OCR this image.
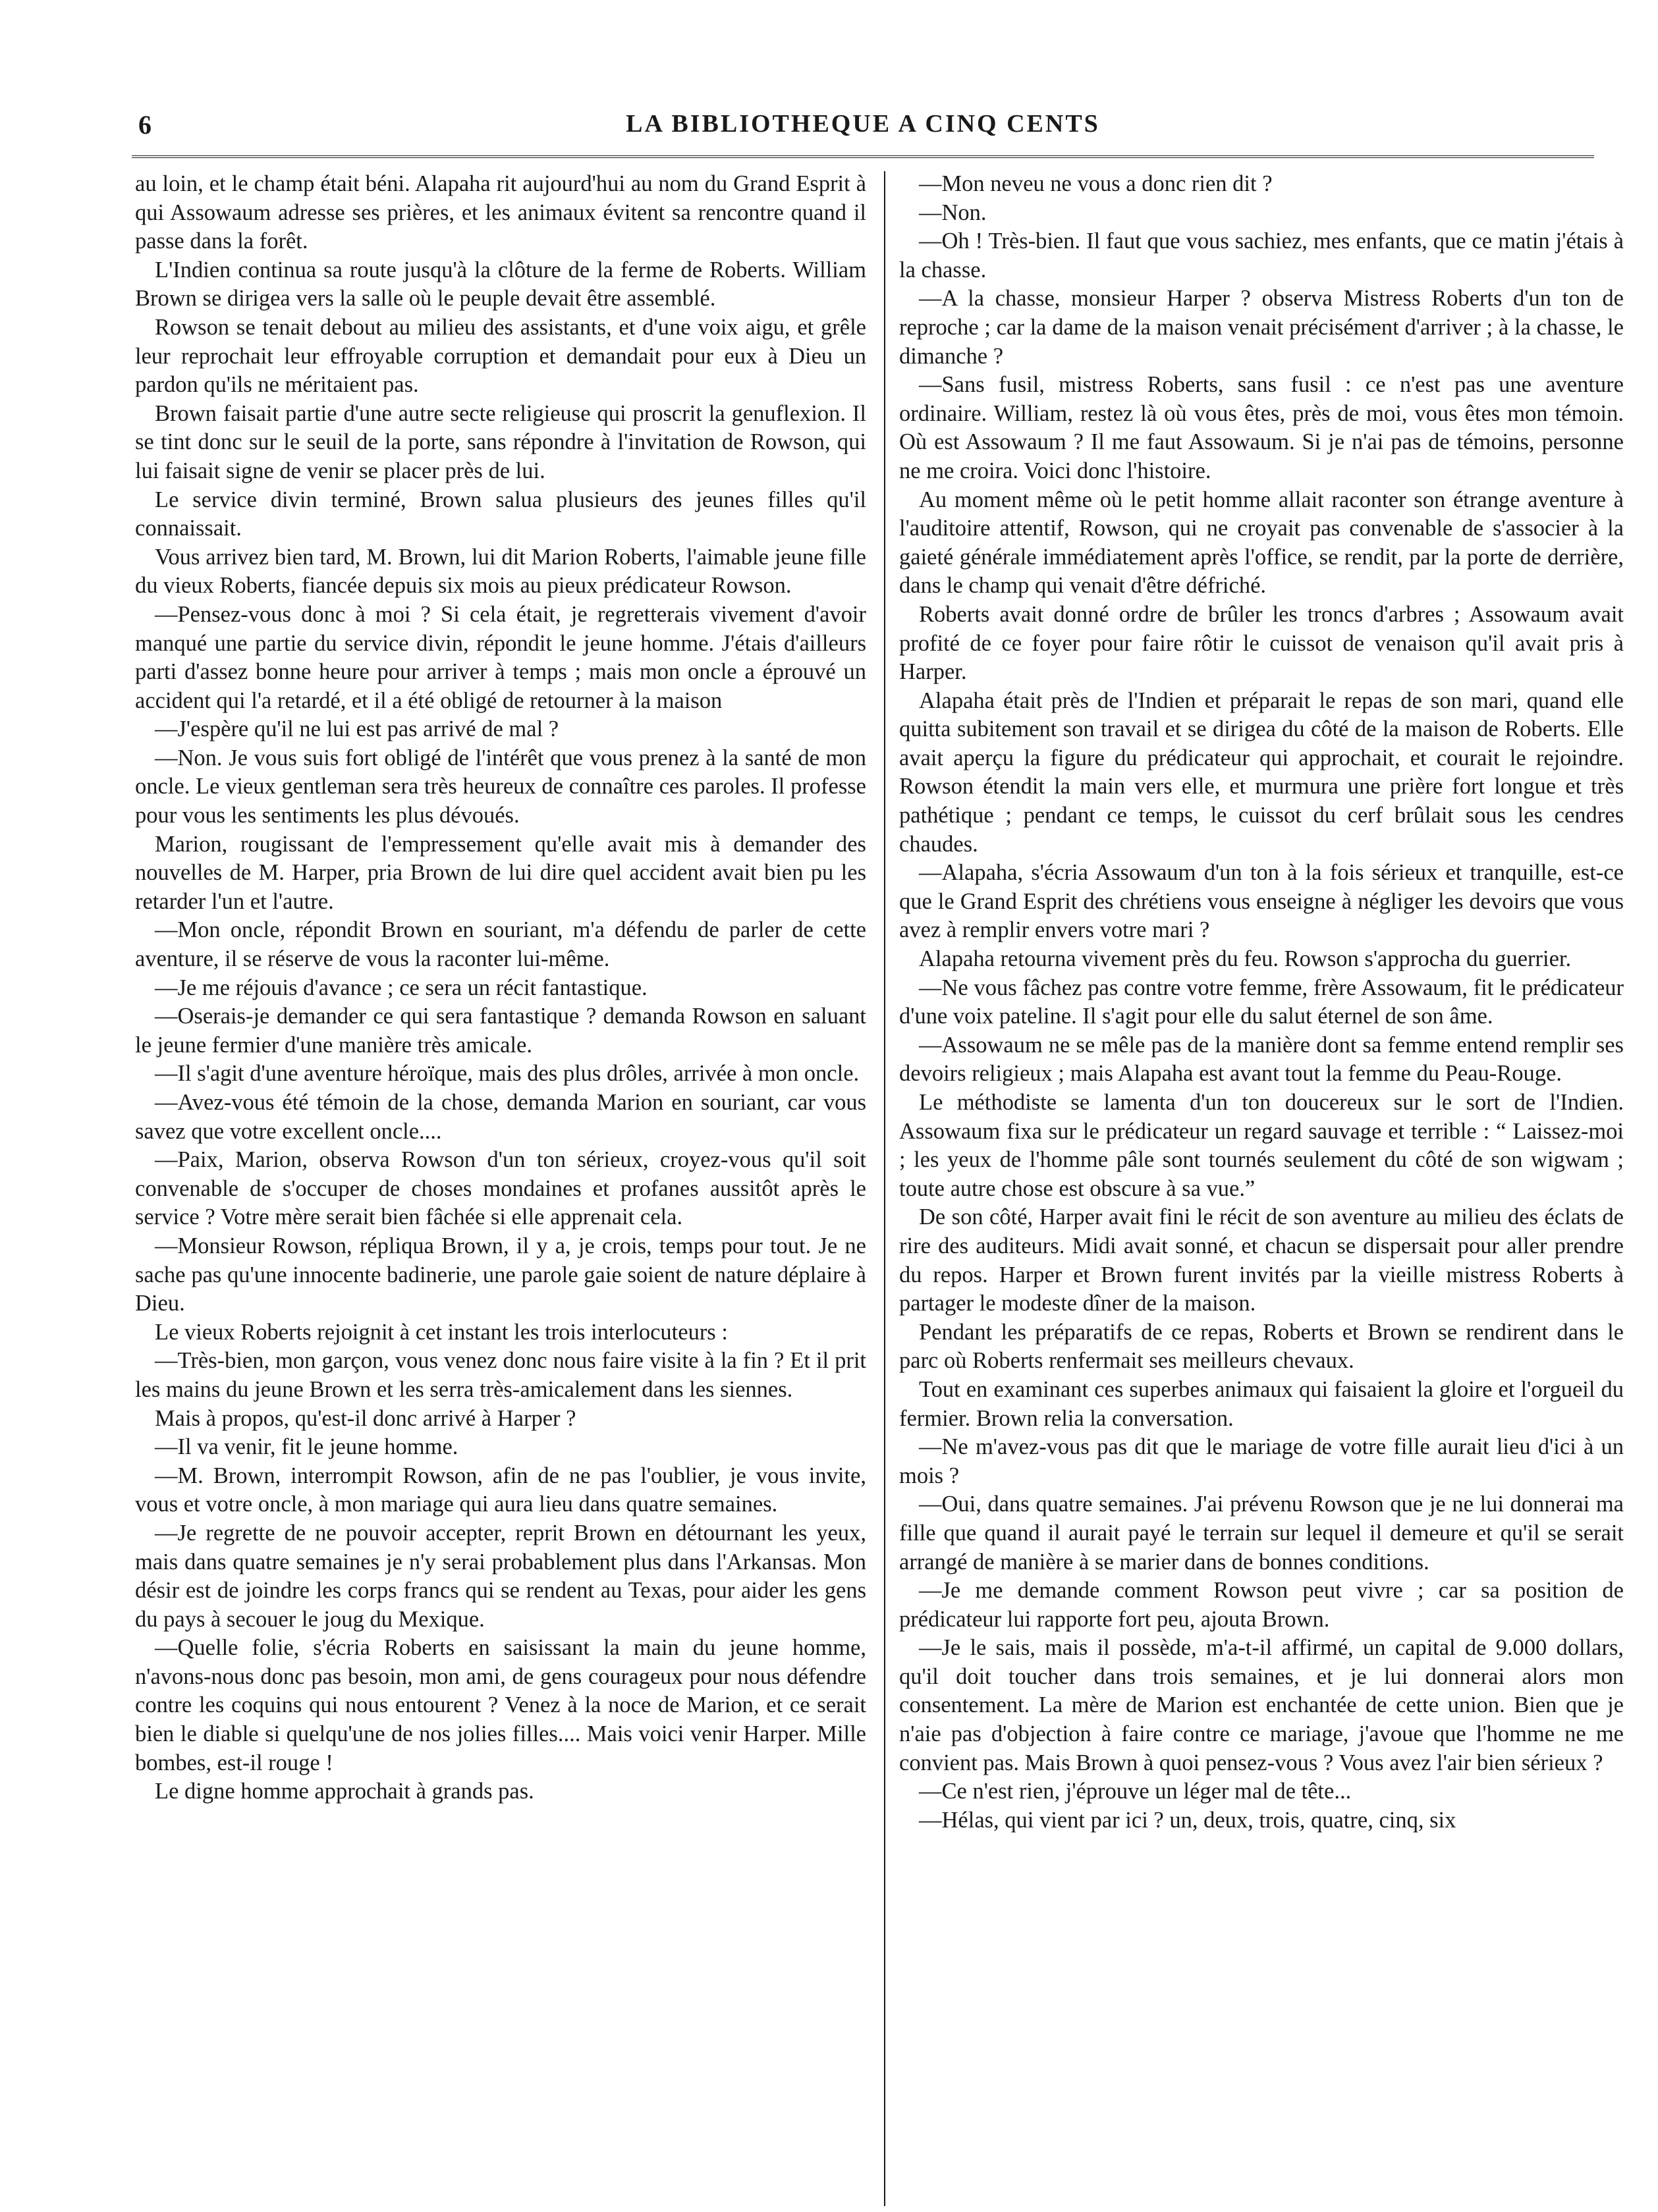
6	LA BIBLIOTHEQUE A CINQ CENTS

au loin, et le champ était béni. Alapaha rit aujourd'hui au nom du Grand Esprit à qui Assowaum adresse ses prières, et les animaux évitent sa rencontre quand il passe dans la forêt.

L'Indien continua sa route jusqu'à la clôture de la ferme de Roberts. William Brown se dirigea vers la salle où le peuple devait être assemblé.

Rowson se tenait debout au milieu des assistants, et d'une voix aigu, et grêle leur reprochait leur effroyable corruption et demandait pour eux à Dieu un pardon qu'ils ne méritaient pas.

Brown faisait partie d'une autre secte religieuse qui proscrit la genuflexion. Il se tint donc sur le seuil de la porte, sans répondre à l'invitation de Rowson, qui lui faisait signe de venir se placer près de lui.

Le service divin terminé, Brown salua plusieurs des jeunes filles qu'il connaissait.

Vous arrivez bien tard, M. Brown, lui dit Marion Roberts, l'aimable jeune fille du vieux Roberts, fiancée depuis six mois au pieux prédicateur Rowson.

—Pensez-vous donc à moi ? Si cela était, je regretterais vivement d'avoir manqué une partie du service divin, répondit le jeune homme. J'étais d'ailleurs parti d'assez bonne heure pour arriver à temps ; mais mon oncle a éprouvé un accident qui l'a retardé, et il a été obligé de retourner à la maison

—J'espère qu'il ne lui est pas arrivé de mal ?

—Non. Je vous suis fort obligé de l'intérêt que vous prenez à la santé de mon oncle. Le vieux gentleman sera très heureux de connaître ces paroles. Il professe pour vous les sentiments les plus dévoués.

Marion, rougissant de l'empressement qu'elle avait mis à demander des nouvelles de M. Harper, pria Brown de lui dire quel accident avait bien pu les retarder l'un et l'autre.

—Mon oncle, répondit Brown en souriant, m'a défendu de parler de cette aventure, il se réserve de vous la raconter lui-même.

—Je me réjouis d'avance ; ce sera un récit fantastique.

—Oserais-je demander ce qui sera fantastique ? demanda Rowson en saluant le jeune fermier d'une manière très amicale.

—Il s'agit d'une aventure héroïque, mais des plus drôles, arrivée à mon oncle.

—Avez-vous été témoin de la chose, demanda Marion en souriant, car vous savez que votre excellent oncle....

—Paix, Marion, observa Rowson d'un ton sérieux, croyez-vous qu'il soit convenable de s'occuper de choses mondaines et profanes aussitôt après le service ? Votre mère serait bien fâchée si elle apprenait cela.

—Monsieur Rowson, répliqua Brown, il y a, je crois, temps pour tout. Je ne sache pas qu'une innocente badinerie, une parole gaie soient de nature déplaire à Dieu.

Le vieux Roberts rejoignit à cet instant les trois interlocuteurs :

—Très-bien, mon garçon, vous venez donc nous faire visite à la fin ? Et il prit les mains du jeune Brown et les serra très-amicalement dans les siennes.

Mais à propos, qu'est-il donc arrivé à Harper ?

—Il va venir, fit le jeune homme.

—M. Brown, interrompit Rowson, afin de ne pas l'oublier, je vous invite, vous et votre oncle, à mon mariage qui aura lieu dans quatre semaines.

—Je regrette de ne pouvoir accepter, reprit Brown en détournant les yeux, mais dans quatre semaines je n'y serai probablement plus dans l'Arkansas. Mon désir est de joindre les corps francs qui se rendent au Texas, pour aider les gens du pays à secouer le joug du Mexique.

—Quelle folie, s'écria Roberts en saisissant la main du jeune homme, n'avons-nous donc pas besoin, mon ami, de gens courageux pour nous défendre contre les coquins qui nous entourent ? Venez à la noce de Marion, et ce serait bien le diable si quelqu'une de nos jolies filles.... Mais voici venir Harper. Mille bombes, est-il rouge !

Le digne homme approchait à grands pas.

—Mon neveu ne vous a donc rien dit ?

—Non.

—Oh ! Très-bien. Il faut que vous sachiez, mes enfants, que ce matin j'étais à la chasse.

—A la chasse, monsieur Harper ? observa Mistress Roberts d'un ton de reproche ; car la dame de la maison venait précisément d'arriver ; à la chasse, le dimanche ?

—Sans fusil, mistress Roberts, sans fusil : ce n'est pas une aventure ordinaire. William, restez là où vous êtes, près de moi, vous êtes mon témoin. Où est Assowaum ? Il me faut Assowaum. Si je n'ai pas de témoins, personne ne me croira. Voici donc l'histoire.

Au moment même où le petit homme allait raconter son étrange aventure à l'auditoire attentif, Rowson, qui ne croyait pas convenable de s'associer à la gaieté générale immédiatement après l'office, se rendit, par la porte de derrière, dans le champ qui venait d'être défriché.

Roberts avait donné ordre de brûler les troncs d'arbres ; Assowaum avait profité de ce foyer pour faire rôtir le cuissot de venaison qu'il avait pris à Harper.

Alapaha était près de l'Indien et préparait le repas de son mari, quand elle quitta subitement son travail et se dirigea du côté de la maison de Roberts. Elle avait aperçu la figure du prédicateur qui approchait, et courait le rejoindre. Rowson étendit la main vers elle, et murmura une prière fort longue et très pathétique ; pendant ce temps, le cuissot du cerf brûlait sous les cendres chaudes.

—Alapaha, s'écria Assowaum d'un ton à la fois sérieux et tranquille, est-ce que le Grand Esprit des chrétiens vous enseigne à négliger les devoirs que vous avez à remplir envers votre mari ?

Alapaha retourna vivement près du feu. Rowson s'approcha du guerrier.

—Ne vous fâchez pas contre votre femme, frère Assowaum, fit le prédicateur d'une voix pateline. Il s'agit pour elle du salut éternel de son âme.

—Assowaum ne se mêle pas de la manière dont sa femme entend remplir ses devoirs religieux ; mais Alapaha est avant tout la femme du Peau-Rouge.

Le méthodiste se lamenta d'un ton doucereux sur le sort de l'Indien. Assowaum fixa sur le prédicateur un regard sauvage et terrible : “ Laissez-moi ; les yeux de l'homme pâle sont tournés seulement du côté de son wigwam ; toute autre chose est obscure à sa vue.”

De son côté, Harper avait fini le récit de son aventure au milieu des éclats de rire des auditeurs. Midi avait sonné, et chacun se dispersait pour aller prendre du repos. Harper et Brown furent invités par la vieille mistress Roberts à partager le modeste dîner de la maison.

Pendant les préparatifs de ce repas, Roberts et Brown se rendirent dans le parc où Roberts renfermait ses meilleurs chevaux.

Tout en examinant ces superbes animaux qui faisaient la gloire et l'orgueil du fermier. Brown relia la conversation.

—Ne m'avez-vous pas dit que le mariage de votre fille aurait lieu d'ici à un mois ?

—Oui, dans quatre semaines. J'ai prévenu Rowson que je ne lui donnerai ma fille que quand il aurait payé le terrain sur lequel il demeure et qu'il se serait arrangé de manière à se marier dans de bonnes conditions.

—Je me demande comment Rowson peut vivre ; car sa position de prédicateur lui rapporte fort peu, ajouta Brown.

—Je le sais, mais il possède, m'a-t-il affirmé, un capital de 9.000 dollars, qu'il doit toucher dans trois semaines, et je lui donnerai alors mon consentement. La mère de Marion est enchantée de cette union. Bien que je n'aie pas d'objection à faire contre ce mariage, j'avoue que l'homme ne me convient pas. Mais Brown à quoi pensez-vous ? Vous avez l'air bien sérieux ?

—Ce n'est rien, j'éprouve un léger mal de tête...

—Hélas, qui vient par ici ? un, deux, trois, quatre, cinq, six
